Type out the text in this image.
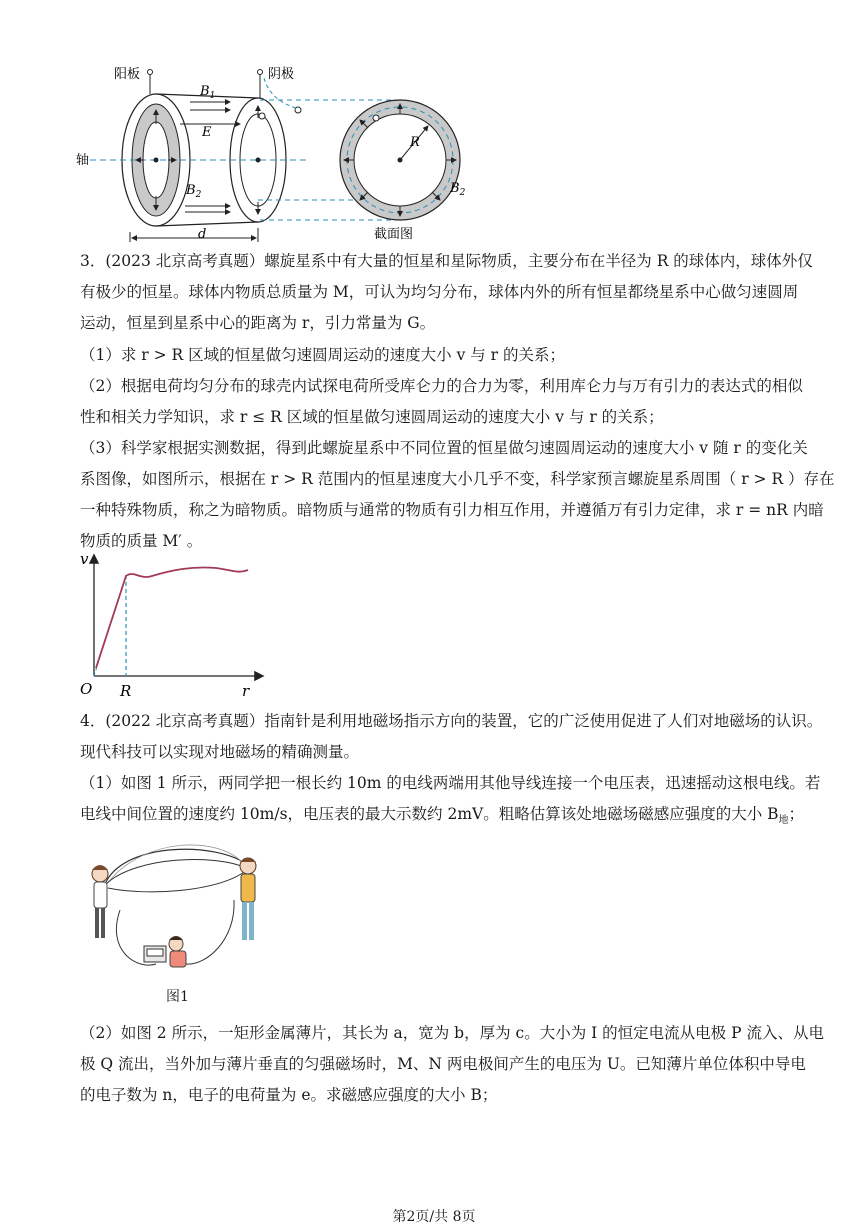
阳板	阴极
$B_1$
E
轴
$B_2$
d
R
$B_2$
截面图
3．(2023 北京高考真题）螺旋星系中有大量的恒星和星际物质，主要分布在半径为 R 的球体内，球体外仅
有极少的恒星。球体内物质总质量为 M，可认为均匀分布，球体内外的所有恒星都绕星系中心做匀速圆周
运动，恒星到星系中心的距离为 r，引力常量为 G。
（1）求 r > R 区域的恒星做匀速圆周运动的速度大小 v 与 r 的关系；
（2）根据电荷均匀分布的球壳内试探电荷所受库仑力的合力为零，利用库仑力与万有引力的表达式的相似
性和相关力学知识，求 r ≤ R 区域的恒星做匀速圆周运动的速度大小 v 与 r 的关系；
（3）科学家根据实测数据，得到此螺旋星系中不同位置的恒星做匀速圆周运动的速度大小 v 随 r 的变化关
系图像，如图所示，根据在 r > R 范围内的恒星速度大小几乎不变，科学家预言螺旋星系周围（ r > R ）存在
一种特殊物质，称之为暗物质。暗物质与通常的物质有引力相互作用，并遵循万有引力定律，求 r = nR 内暗
物质的质量 M′ 。
v
r
O R
4．(2022 北京高考真题）指南针是利用地磁场指示方向的装置，它的广泛使用促进了人们对地磁场的认识。
现代科技可以实现对地磁场的精确测量。
（1）如图 1 所示，两同学把一根长约 10m 的电线两端用其他导线连接一个电压表，迅速摇动这根电线。若
电线中间位置的速度约 10m/s，电压表的最大示数约 2mV。粗略估算该处地磁场磁感应强度的大小 $B_地$；
图1
（2）如图 2 所示，一矩形金属薄片，其长为 a，宽为 b，厚为 c。大小为 I 的恒定电流从电极 P 流入、从电
极 Q 流出，当外加与薄片垂直的匀强磁场时，M、N 两电极间产生的电压为 U。已知薄片单位体积中导电
的电子数为 n，电子的电荷量为 e。求磁感应强度的大小 B；
第2页/共 8页
